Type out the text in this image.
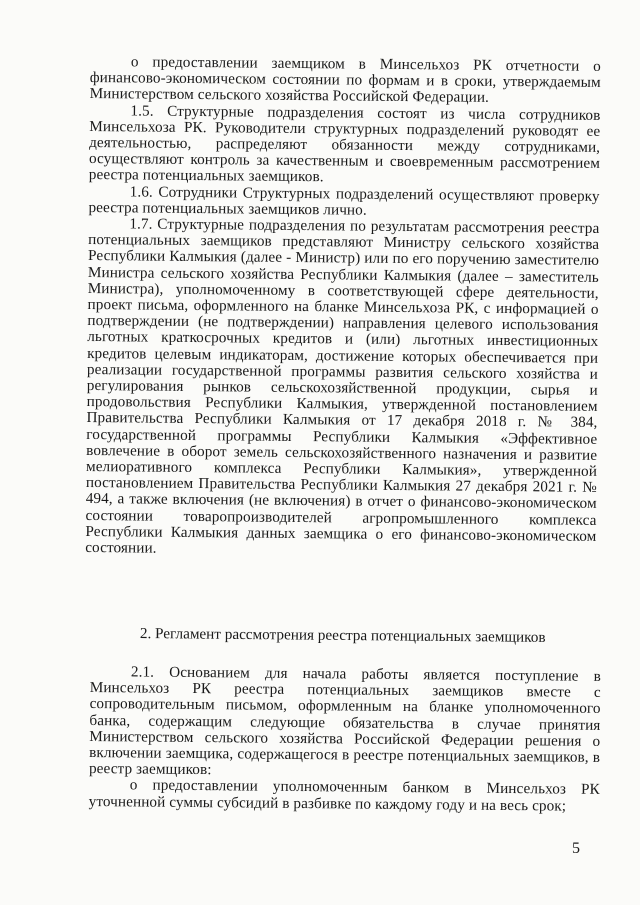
о предоставлении заемщиком в Минсельхоз РК отчетности о финансово-экономическом состоянии по формам и в сроки, утверждаемым Министерством сельского хозяйства Российской Федерации.

1.5. Структурные подразделения состоят из числа сотрудников Минсельхоза РК. Руководители структурных подразделений руководят ее деятельностью, распределяют обязанности между сотрудниками, осуществляют контроль за качественным и своевременным рассмотрением реестра потенциальных заемщиков.

1.6. Сотрудники Структурных подразделений осуществляют проверку реестра потенциальных заемщиков лично.

1.7. Структурные подразделения по результатам рассмотрения реестра потенциальных заемщиков представляют Министру сельского хозяйства Республики Калмыкия (далее - Министр) или по его поручению заместителю Министра сельского хозяйства Республики Калмыкия (далее – заместитель Министра), уполномоченному в соответствующей сфере деятельности, проект письма, оформленного на бланке Минсельхоза РК, с информацией о подтверждении (не подтверждении) направления целевого использования льготных краткосрочных кредитов и (или) льготных инвестиционных кредитов целевым индикаторам, достижение которых обеспечивается при реализации государственной программы развития сельского хозяйства и регулирования рынков сельскохозяйственной продукции, сырья и продовольствия Республики Калмыкия, утвержденной постановлением Правительства Республики Калмыкия от 17 декабря 2018 г. № 384, государственной программы Республики Калмыкия «Эффективное вовлечение в оборот земель сельскохозяйственного назначения и развитие мелиоративного комплекса Республики Калмыкия», утвержденной постановлением Правительства Республики Калмыкия 27 декабря 2021 г. № 494, а также включения (не включения) в отчет о финансово-экономическом состоянии товаропроизводителей агропромышленного комплекса Республики Калмыкия данных заемщика о его финансово-экономическом состоянии.

2. Регламент рассмотрения реестра потенциальных заемщиков

2.1. Основанием для начала работы является поступление в Минсельхоз РК реестра потенциальных заемщиков вместе с сопроводительным письмом, оформленным на бланке уполномоченного банка, содержащим следующие обязательства в случае принятия Министерством сельского хозяйства Российской Федерации решения о включении заемщика, содержащегося в реестре потенциальных заемщиков, в реестр заемщиков:

о предоставлении уполномоченным банком в Минсельхоз РК уточненной суммы субсидий в разбивке по каждому году и на весь срок;

5
